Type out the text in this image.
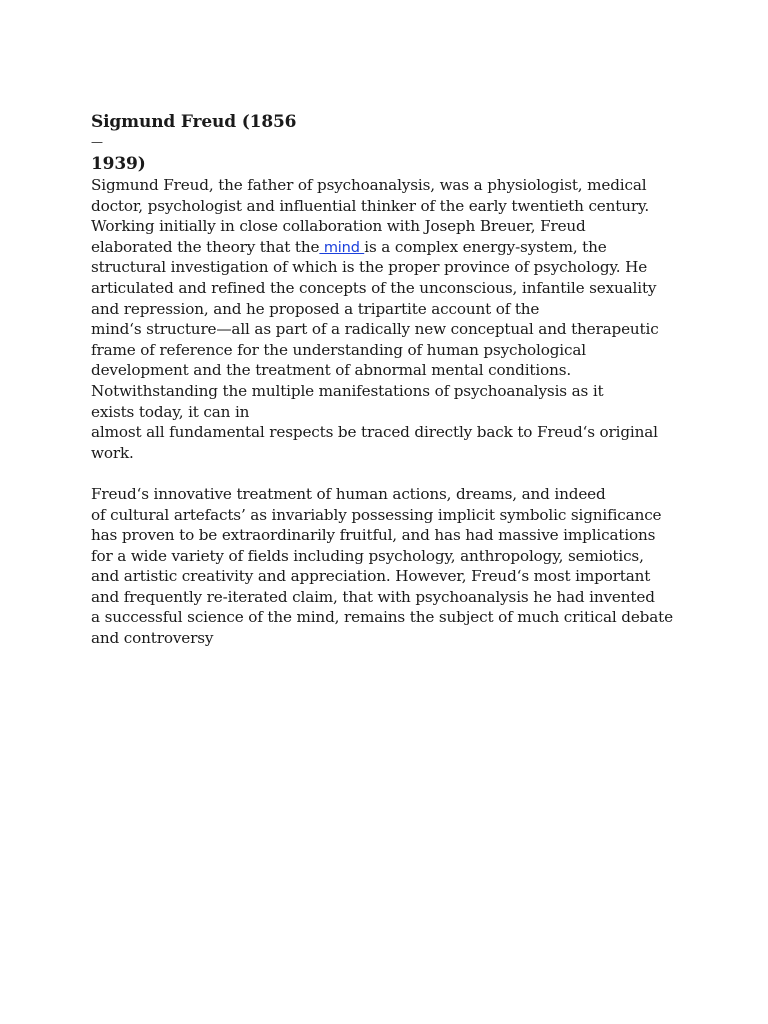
Sigmund Freud (1856
—
1939)
Sigmund Freud, the father of psychoanalysis, was a physiologist, medical
doctor, psychologist and influential thinker of the early twentieth century.
Working initially in close collaboration with Joseph Breuer, Freud
elaborated the theory that the mind is a complex energy-system, the
structural investigation of which is the proper province of psychology. He
articulated and refined the concepts of the unconscious, infantile sexuality
and repression, and he proposed a tripartite account of the
mind‘s structure—all as part of a radically new conceptual and therapeutic
frame of reference for the understanding of human psychological
development and the treatment of abnormal mental conditions.
Notwithstanding the multiple manifestations of psychoanalysis as it
exists today, it can in
almost all fundamental respects be traced directly back to Freud‘s original
work.
Freud‘s innovative treatment of human actions, dreams, and indeed
of cultural artefacts’ as invariably possessing implicit symbolic significance
has proven to be extraordinarily fruitful, and has had massive implications
for a wide variety of fields including psychology, anthropology, semiotics,
and artistic creativity and appreciation. However, Freud‘s most important
and frequently re-iterated claim, that with psychoanalysis he had invented
a successful science of the mind, remains the subject of much critical debate
and controversy
